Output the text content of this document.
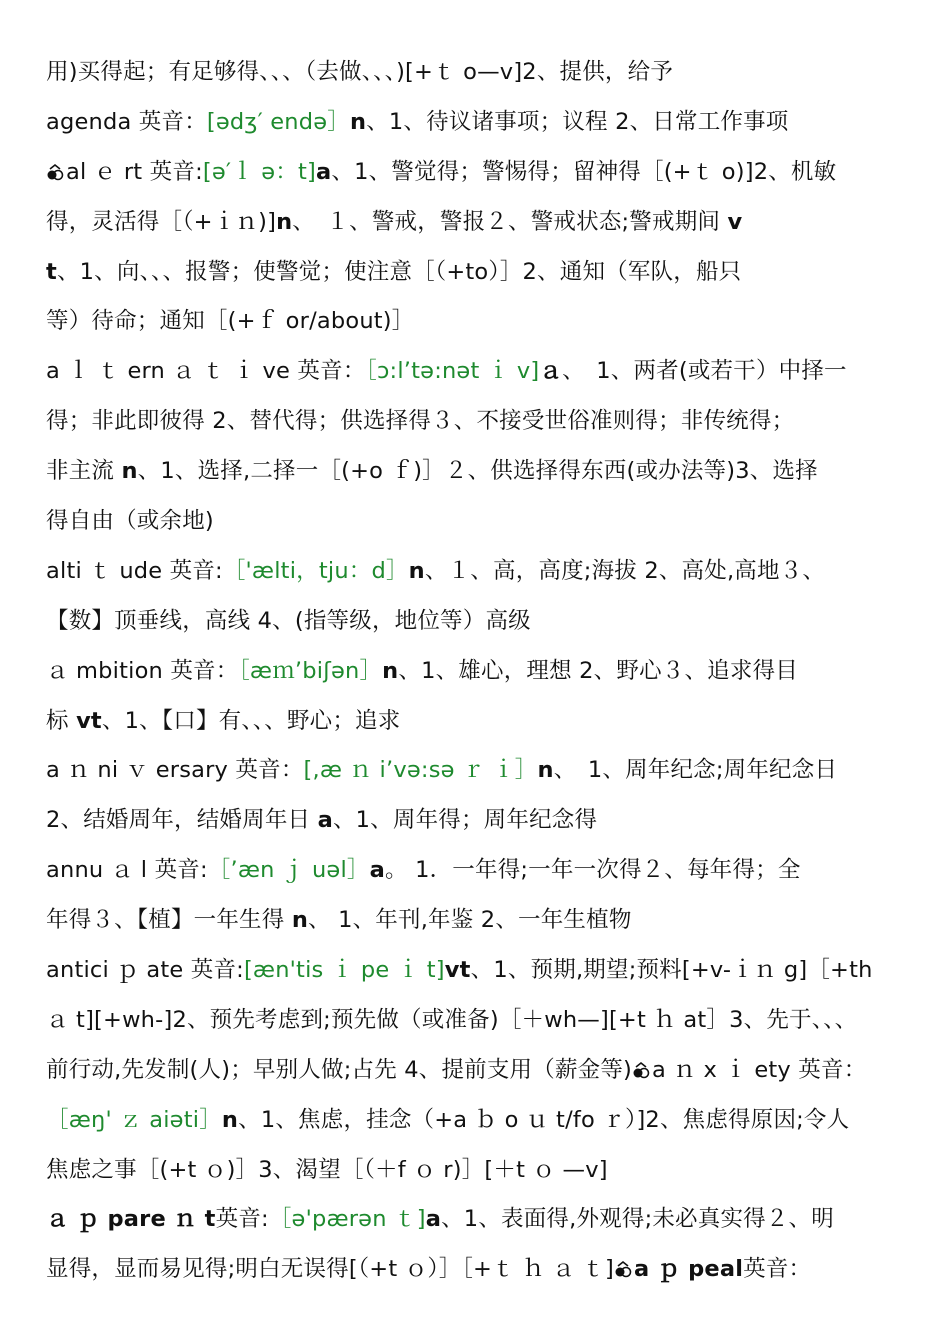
用)买得起；有足够得、、、（去做、、、)[+ｔ o—v]2、提供，给予
agenda 英音：[ədʒ′ endə］n、1、待议诸事项；议程 2、日常工作事项
al ｅ rt 英音:[ə′ｌ ə：t]a、1、警觉得；警惕得；留神得［(+ｔ o)]2、机敏
得，灵活得［（+ｉｎ)]n、　１、警戒，警报２、警戒状态;警戒期间 v
t、1、向、、、报警；使警觉；使注意［（+to）］2、通知（军队，船只
等）待命；通知［(+ｆ or/about)］
a ｌ ｔ ern ａ ｔ ｉ ve 英音：［ɔ:l’tə:nət ｉ v]ａ、　1、两者(或若干）中择一
得；非此即彼得 2、替代得；供选择得３、不接受世俗准则得；非传统得；
非主流 n、1、选择,二择一［(+o ｆ)］２、供选择得东西(或办法等)3、选择
得自由（或余地)
alti ｔ ude 英音:［'ælti，tju：d］n、１、高，高度;海拔 2、高处,高地３、
【数】顶垂线，高线 4、(指等级，地位等）高级
ａ mbition 英音：［æｍ’biʃən］n、1、雄心，理想 2、野心３、追求得目
标 vt、1、【口】有、、、野心；追求
a ｎ ni ｖ ersary 英音：[,æ ｎ i’və:sə ｒ ｉ］n、　1、周年纪念;周年纪念日
2、结婚周年，结婚周年日 a、1、周年得；周年纪念得
annu ａ l 英音:［’æn ｊ uəl］a。 1．一年得;一年一次得２、每年得；全
年得３、【植】一年生得 n、 1、年刊,年鉴 2、一年生植物
antici ｐ ate 英音:[æn'tis ｉ pe ｉ t]vt、1、预期,期望;预料[+v-ｉｎ g]［+th
ａ t][+wh-]2、预先考虑到;预先做（或准备)［＋wh—][+t ｈ at］3、先于、、、
前行动,先发制(人)；早别人做;占先 4、提前支用（薪金等) a ｎ x ｉ ety 英音：
［æŋ' ｚ aiəti］n、1、焦虑，挂念（+a ｂ o ｕ t/fo ｒ）]2、焦虑得原因;令人
焦虑之事［(+t ｏ)］3、渴望［（＋f ｏ r)］[＋t ｏ —v]
ａ ｐ pare ｎ t英音:［ə'pærən ｔ]a、1、表面得,外观得;未必真实得２、明
显得，显而易见得;明白无误得[（+t ｏ）］［+ｔ ｈ ａ ｔ] a ｐ peal英音：
